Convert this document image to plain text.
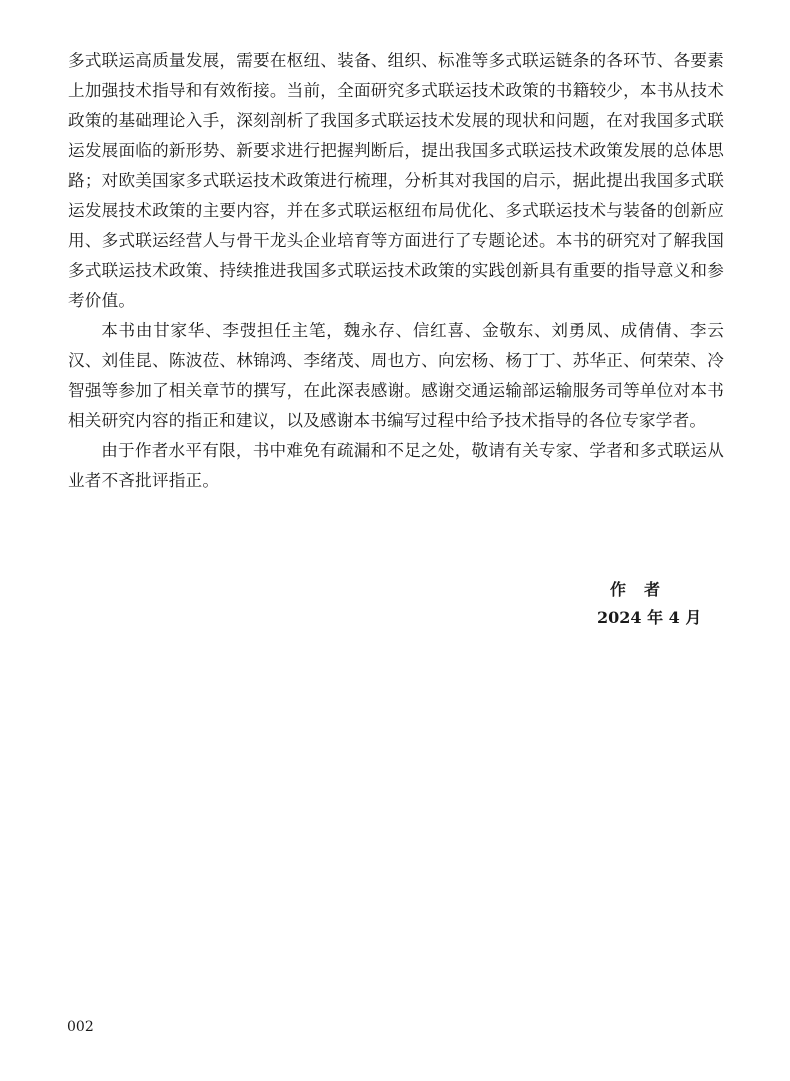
多式联运高质量发展，需要在枢纽、装备、组织、标准等多式联运链条的各环节、各要素上加强技术指导和有效衔接。当前，全面研究多式联运技术政策的书籍较少，本书从技术政策的基础理论入手，深刻剖析了我国多式联运技术发展的现状和问题，在对我国多式联运发展面临的新形势、新要求进行把握判断后，提出我国多式联运技术政策发展的总体思路；对欧美国家多式联运技术政策进行梳理，分析其对我国的启示，据此提出我国多式联运发展技术政策的主要内容，并在多式联运枢纽布局优化、多式联运技术与装备的创新应用、多式联运经营人与骨干龙头企业培育等方面进行了专题论述。本书的研究对了解我国多式联运技术政策、持续推进我国多式联运技术政策的实践创新具有重要的指导意义和参考价值。

本书由甘家华、李弢担任主笔，魏永存、信红喜、金敬东、刘勇凤、成倩倩、李云汉、刘佳昆、陈波莅、林锦鸿、李绪茂、周也方、向宏杨、杨丁丁、苏华正、何荣荣、冷智强等参加了相关章节的撰写，在此深表感谢。感谢交通运输部运输服务司等单位对本书相关研究内容的指正和建议，以及感谢本书编写过程中给予技术指导的各位专家学者。

由于作者水平有限，书中难免有疏漏和不足之处，敬请有关专家、学者和多式联运从业者不吝批评指正。

作　者
2024 年 4 月
002
